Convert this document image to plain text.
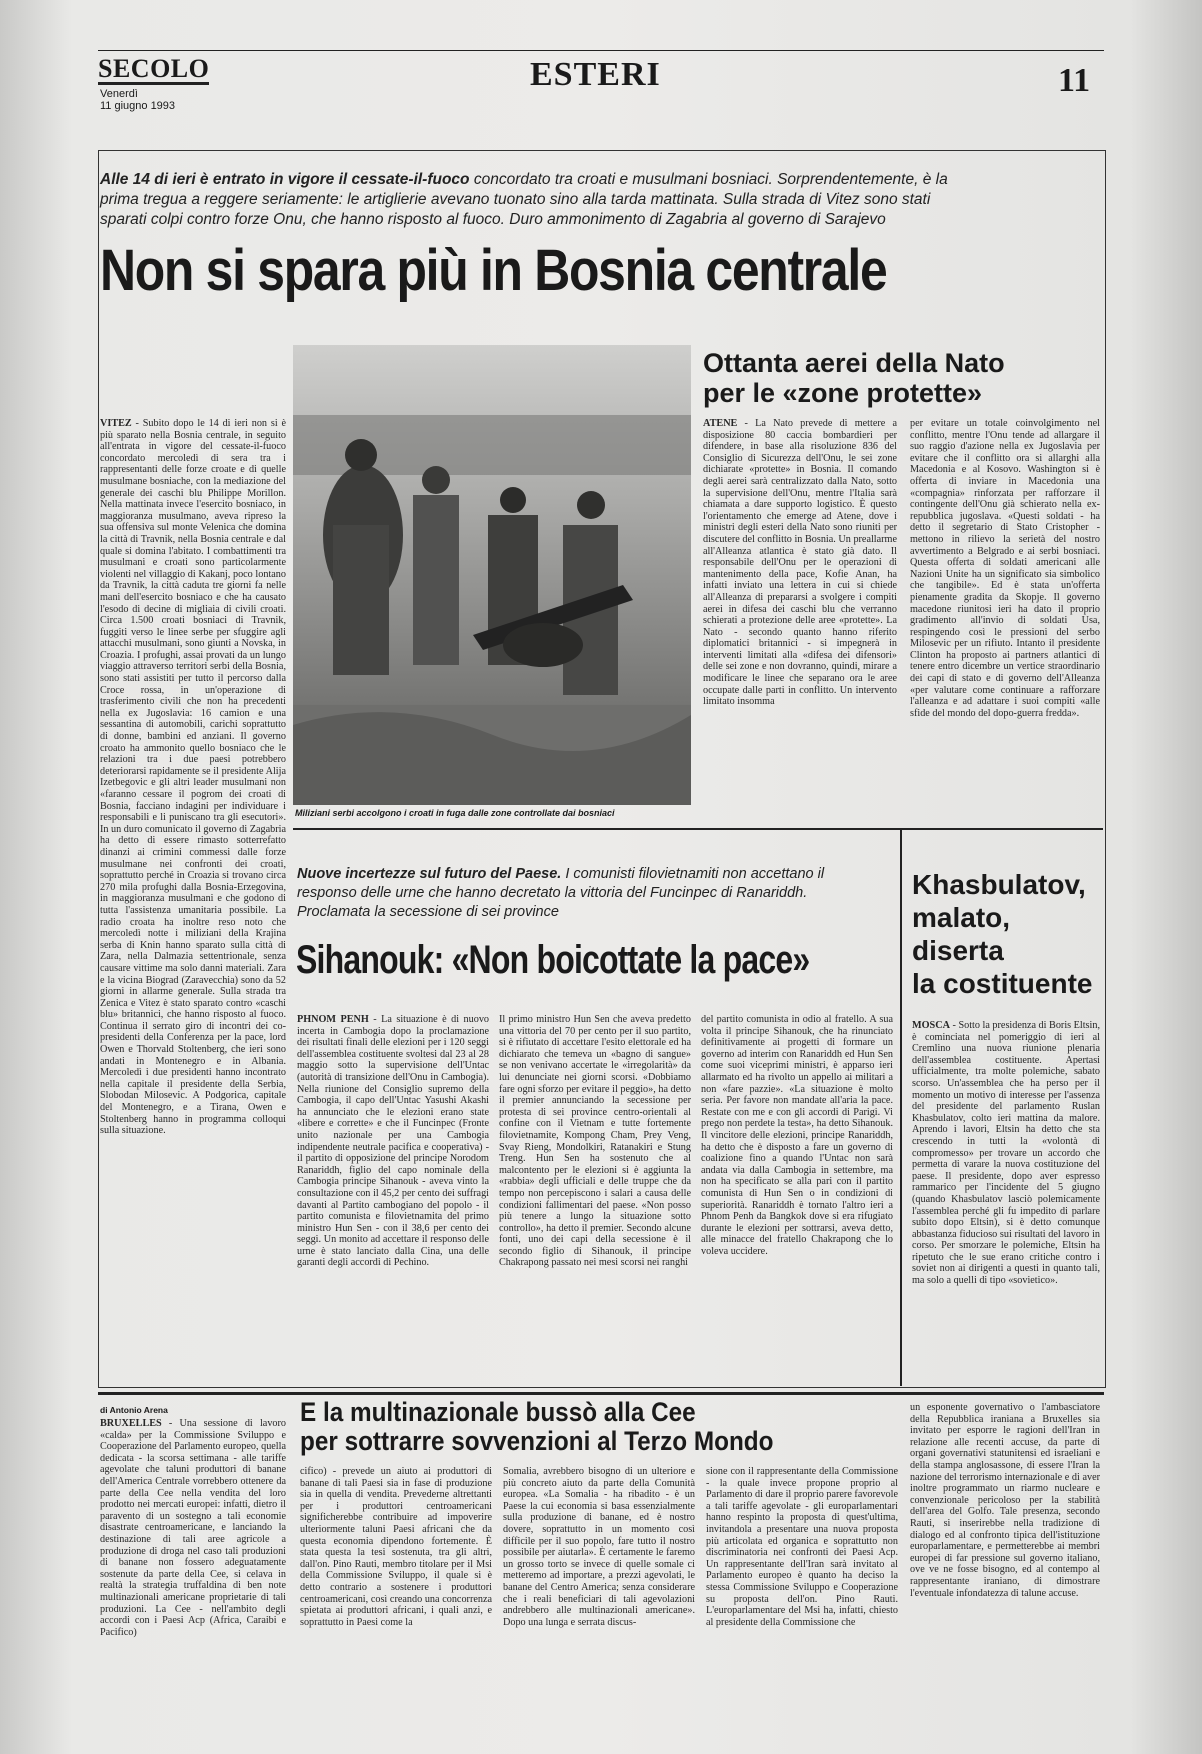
SECOLO
Venerdì
11 giugno 1993
ESTERI	11
Alle 14 di ieri è entrato in vigore il cessate-il-fuoco concordato tra croati e musulmani bosniaci. Sorprendentemente, è la prima tregua a reggere seriamente: le artiglierie avevano tuonato sino alla tarda mattinata. Sulla strada di Vitez sono stati sparati colpi contro forze Onu, che hanno risposto al fuoco. Duro ammonimento di Zagabria al governo di Sarajevo
Non si spara più in Bosnia centrale
VITEZ - Subito dopo le 14 di ieri non si è più sparato nella Bosnia centrale, in seguito all'entrata in vigore del cessate-il-fuoco concordato mercoledì di sera tra i rappresentanti delle forze croate e di quelle musulmane bosniache, con la mediazione del generale dei caschi blu Philippe Morillon. Nella mattinata invece l'esercito bosniaco, in maggioranza musulmano, aveva ripreso la sua offensiva sul monte Velenica che domina la città di Travnik, nella Bosnia centrale e dal quale si domina l'abitato. I combattimenti tra musulmani e croati sono particolarmente violenti nel villaggio di Kakanj, poco lontano da Travnik, la città caduta tre giorni fa nelle mani dell'esercito bosniaco e che ha causato l'esodo di decine di migliaia di civili croati. Circa 1.500 croati bosniaci di Travnik, fuggiti verso le linee serbe per sfuggire agli attacchi musulmani, sono giunti a Novska, in Croazia. I profughi, assai provati da un lungo viaggio attraverso territori serbi della Bosnia, sono stati assistiti per tutto il percorso dalla Croce rossa, in un'operazione di trasferimento civili che non ha precedenti nella ex Jugoslavia: 16 camion e una sessantina di automobili, carichi soprattutto di donne, bambini ed anziani. Il governo croato ha ammonito quello bosniaco che le relazioni tra i due paesi potrebbero deteriorarsi rapidamente se il presidente Alija Izetbegovic e gli altri leader musulmani non «faranno cessare il pogrom dei croati di Bosnia, facciano indagini per individuare i responsabili e li puniscano tra gli esecutori». In un duro comunicato il governo di Zagabria ha detto di essere rimasto sotterrefatto dinanzi ai crimini commessi dalle forze musulmane nei confronti dei croati, soprattutto perché in Croazia si trovano circa 270 mila profughi dalla Bosnia-Erzegovina, in maggioranza musulmani e che godono di tutta l'assistenza umanitaria possibile. La radio croata ha inoltre reso noto che mercoledì notte i miliziani della Krajina serba di Knin hanno sparato sulla città di Zara, nella Dalmazia settentrionale, senza causare vittime ma solo danni materiali. Zara e la vicina Biograd (Zaravecchia) sono da 52 giorni in allarme generale. Sulla strada tra Zenica e Vitez è stato sparato contro «caschi blu» britannici, che hanno risposto al fuoco. Continua il serrato giro di incontri dei co-presidenti della Conferenza per la pace, lord Owen e Thorvald Stoltenberg, che ieri sono andati in Montenegro e in Albania. Mercoledì i due presidenti hanno incontrato nella capitale il presidente della Serbia, Slobodan Milosevic. A Podgorica, capitale del Montenegro, e a Tirana, Owen e Stoltenberg hanno in programma colloqui sulla situazione.
Miliziani serbi accolgono i croati in fuga dalle zone controllate dai bosniaci
Ottanta aerei della Nato
per le «zone protette»
ATENE - La Nato prevede di mettere a disposizione 80 caccia bombardieri per difendere, in base alla risoluzione 836 del Consiglio di Sicurezza dell'Onu, le sei zone dichiarate «protette» in Bosnia. Il comando degli aerei sarà centralizzato dalla Nato, sotto la supervisione dell'Onu, mentre l'Italia sarà chiamata a dare supporto logistico. È questo l'orientamento che emerge ad Atene, dove i ministri degli esteri della Nato sono riuniti per discutere del conflitto in Bosnia. Un preallarme all'Alleanza atlantica è stato già dato. Il responsabile dell'Onu per le operazioni di mantenimento della pace, Kofie Anan, ha infatti inviato una lettera in cui si chiede all'Alleanza di prepararsi a svolgere i compiti aerei in difesa dei caschi blu che verranno schierati a protezione delle aree «protette». La Nato - secondo quanto hanno riferito diplomatici britannici - si impegnerà in interventi limitati alla «difesa dei difensori» delle sei zone e non dovranno, quindi, mirare a modificare le linee che separano ora le aree occupate dalle parti in conflitto. Un intervento limitato insomma
per evitare un totale coinvolgimento nel conflitto, mentre l'Onu tende ad allargare il suo raggio d'azione nella ex Jugoslavia per evitare che il conflitto ora si allarghi alla Macedonia e al Kosovo. Washington si è offerta di inviare in Macedonia una «compagnia» rinforzata per rafforzare il contingente dell'Onu già schierato nella ex-repubblica jugoslava. «Questi soldati - ha detto il segretario di Stato Cristopher - mettono in rilievo la serietà del nostro avvertimento a Belgrado e ai serbi bosniaci. Questa offerta di soldati americani alle Nazioni Unite ha un significato sia simbolico che tangibile». Ed è stata un'offerta pienamente gradita da Skopje. Il governo macedone riunitosi ieri ha dato il proprio gradimento all'invio di soldati Usa, respingendo così le pressioni del serbo Milosevic per un rifiuto. Intanto il presidente Clinton ha proposto ai partners atlantici di tenere entro dicembre un vertice straordinario dei capi di stato e di governo dell'Alleanza «per valutare come continuare a rafforzare l'alleanza e ad adattare i suoi compiti «alle sfide del mondo del dopo-guerra fredda».
Nuove incertezze sul futuro del Paese. I comunisti filovietnamiti non accettano il responso delle urne che hanno decretato la vittoria del Funcinpec di Ranariddh. Proclamata la secessione di sei province
Sihanouk: «Non boicottate la pace»
PHNOM PENH - La situazione è di nuovo incerta in Cambogia dopo la proclamazione dei risultati finali delle elezioni per i 120 seggi dell'assemblea costituente svoltesi dal 23 al 28 maggio sotto la supervisione dell'Untac (autorità di transizione dell'Onu in Cambogia). Nella riunione del Consiglio supremo della Cambogia, il capo dell'Untac Yasushi Akashi ha annunciato che le elezioni erano state «libere e corrette» e che il Funcinpec (Fronte unito nazionale per una Cambogia indipendente neutrale pacifica e cooperativa) - il partito di opposizione del principe Norodom Ranariddh, figlio del capo nominale della Cambogia principe Sihanouk - aveva vinto la consultazione con il 45,2 per cento dei suffragi davanti al Partito cambogiano del popolo - il partito comunista e filovietnamita del primo ministro Hun Sen - con il 38,6 per cento dei seggi. Un monito ad accettare il responso delle urne è stato lanciato dalla Cina, una delle garanti degli accordi di Pechino.
Il primo ministro Hun Sen che aveva predetto una vittoria del 70 per cento per il suo partito, si è rifiutato di accettare l'esito elettorale ed ha dichiarato che temeva un «bagno di sangue» se non venivano accertate le «irregolarità» da lui denunciate nei giorni scorsi. «Dobbiamo fare ogni sforzo per evitare il peggio», ha detto il premier annunciando la secessione per protesta di sei province centro-orientali al confine con il Vietnam e tutte fortemente filovietnamite, Kompong Cham, Prey Veng, Svay Rieng, Mondolkiri, Ratanakiri e Stung Treng. Hun Sen ha sostenuto che al malcontento per le elezioni si è aggiunta la «rabbia» degli ufficiali e delle truppe che da tempo non percepiscono i salari a causa delle condizioni fallimentari del paese. «Non posso più tenere a lungo la situazione sotto controllo», ha detto il premier. Secondo alcune fonti, uno dei capi della secessione è il secondo figlio di Sihanouk, il principe Chakrapong passato nei mesi scorsi nei ranghi
del partito comunista in odio al fratello. A sua volta il principe Sihanouk, che ha rinunciato definitivamente ai progetti di formare un governo ad interim con Ranariddh ed Hun Sen come suoi viceprimi ministri, è apparso ieri allarmato ed ha rivolto un appello ai militari a non «fare pazzie». «La situazione è molto seria. Per favore non mandate all'aria la pace. Restate con me e con gli accordi di Parigi. Vi prego non perdete la testa», ha detto Sihanouk. Il vincitore delle elezioni, principe Ranariddh, ha detto che è disposto a fare un governo di coalizione fino a quando l'Untac non sarà andata via dalla Cambogia in settembre, ma non ha specificato se alla pari con il partito comunista di Hun Sen o in condizioni di superiorità. Ranariddh è tornato l'altro ieri a Phnom Penh da Bangkok dove si era rifugiato durante le elezioni per sottrarsi, aveva detto, alle minacce del fratello Chakrapong che lo voleva uccidere.
Khasbulatov,
malato,
diserta
la costituente
MOSCA - Sotto la presidenza di Boris Eltsin, è cominciata nel pomeriggio di ieri al Cremlino una nuova riunione plenaria dell'assemblea costituente. Apertasi ufficialmente, tra molte polemiche, sabato scorso. Un'assemblea che ha perso per il momento un motivo di interesse per l'assenza del presidente del parlamento Ruslan Khasbulatov, colto ieri mattina da malore. Aprendo i lavori, Eltsin ha detto che sta crescendo in tutti la «volontà di compromesso» per trovare un accordo che permetta di varare la nuova costituzione del paese. Il presidente, dopo aver espresso rammarico per l'incidente del 5 giugno (quando Khasbulatov lasciò polemicamente l'assemblea perché gli fu impedito di parlare subito dopo Eltsin), si è detto comunque abbastanza fiducioso sui risultati del lavoro in corso. Per smorzare le polemiche, Eltsin ha ripetuto che le sue erano critiche contro i soviet non ai dirigenti a questi in quanto tali, ma solo a quelli di tipo «sovietico».
di Antonio Arena	E la multinazionale bussò alla Cee
per sottrarre sovvenzioni al Terzo Mondo
BRUXELLES - Una sessione di lavoro «calda» per la Commissione Sviluppo e Cooperazione del Parlamento europeo, quella dedicata - la scorsa settimana - alle tariffe agevolate che taluni produttori di banane dell'America Centrale vorrebbero ottenere da parte della Cee nella vendita del loro prodotto nei mercati europei: infatti, dietro il paravento di un sostegno a tali economie disastrate centroamericane, e lanciando la destinazione di tali aree agricole a produzione di droga nel caso tali produzioni di banane non fossero adeguatamente sostenute da parte della Cee, si celava in realtà la strategia truffaldina di ben note multinazionali americane proprietarie di tali produzioni. La Cee - nell'ambito degli accordi con i Paesi Acp (Africa, Caraibi e Pacifico)
cifico) - prevede un aiuto ai produttori di banane di tali Paesi sia in fase di produzione sia in quella di vendita. Prevederne altrettanti per i produttori centroamericani significherebbe contribuire ad impoverire ulteriormente taluni Paesi africani che da questa economia dipendono fortemente. È stata questa la tesi sostenuta, tra gli altri, dall'on. Pino Rauti, membro titolare per il Msi della Commissione Sviluppo, il quale si è detto contrario a sostenere i produttori centroamericani, così creando una concorrenza spietata ai produttori africani, i quali anzi, e soprattutto in Paesi come la
Somalia, avrebbero bisogno di un ulteriore e più concreto aiuto da parte della Comunità europea. «La Somalia - ha ribadito - è un Paese la cui economia si basa essenzialmente sulla produzione di banane, ed è nostro dovere, soprattutto in un momento così difficile per il suo popolo, fare tutto il nostro possibile per aiutarla». È certamente le faremo un grosso torto se invece di quelle somale ci metteremo ad importare, a prezzi agevolati, le banane del Centro America; senza considerare che i reali beneficiari di tali agevolazioni andrebbero alle multinazionali americane». Dopo una lunga e serrata discus-
sione con il rappresentante della Commissione - la quale invece propone proprio al Parlamento di dare il proprio parere favorevole a tali tariffe agevolate - gli europarlamentari hanno respinto la proposta di quest'ultima, invitandola a presentare una nuova proposta più articolata ed organica e soprattutto non discriminatoria nei confronti dei Paesi Acp. Un rappresentante dell'Iran sarà invitato al Parlamento europeo è quanto ha deciso la stessa Commissione Sviluppo e Cooperazione su proposta dell'on. Pino Rauti. L'europarlamentare del Msi ha, infatti, chiesto al presidente della Commissione che
un esponente governativo o l'ambasciatore della Repubblica iraniana a Bruxelles sia invitato per esporre le ragioni dell'Iran in relazione alle recenti accuse, da parte di organi governativi statunitensi ed israeliani e della stampa anglosassone, di essere l'Iran la nazione del terrorismo internazionale e di aver inoltre programmato un riarmo nucleare e convenzionale pericoloso per la stabilità dell'area del Golfo. Tale presenza, secondo Rauti, si inserirebbe nella tradizione di dialogo ed al confronto tipica dell'istituzione europarlamentare, e permetterebbe ai membri europei di far pressione sul governo italiano, ove ve ne fosse bisogno, ed al contempo al rappresentante iraniano, di dimostrare l'eventuale infondatezza di talune accuse.
